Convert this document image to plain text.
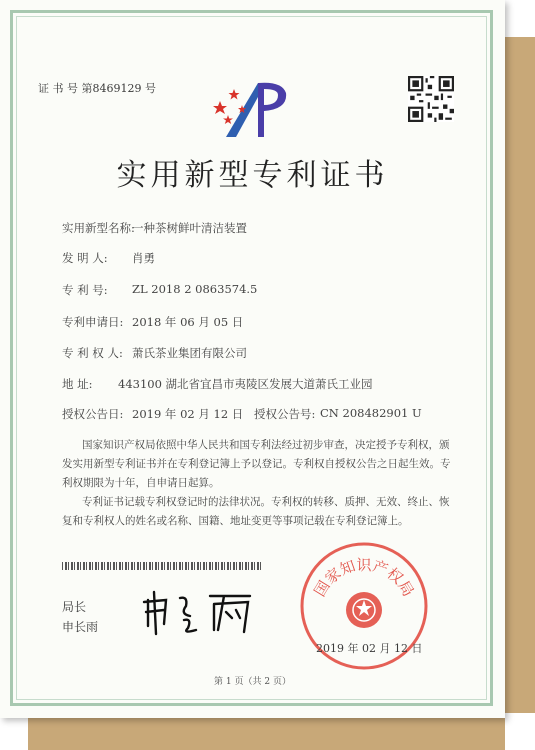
证 书 号 第8469129 号
实用新型专利证书
实用新型名称:
一种茶树鲜叶清洁装置
发 明 人: 肖勇
专 利 号: ZL 2018 2 0863574.5
专利申请日: 2018 年 06 月 05 日
专 利 权 人: 萧氏茶业集团有限公司
地 址: 443100 湖北省宜昌市夷陵区发展大道萧氏工业园
授权公告日: 2019 年 02 月 12 日 授权公告号: CN 208482901 U
国家知识产权局依照中华人民共和国专利法经过初步审查，决定授予专利权，颁发实用新型专利证书并在专利登记簿上予以登记。专利权自授权公告之日起生效。专利权期限为十年，自申请日起算。
专利证书记载专利权登记时的法律状况。专利权的转移、质押、无效、终止、恢复和专利权人的姓名或名称、国籍、地址变更等事项记载在专利登记簿上。
局长
申长雨
国家知识产权局
2019 年 02 月 12 日
第 1 页（共 2 页）
